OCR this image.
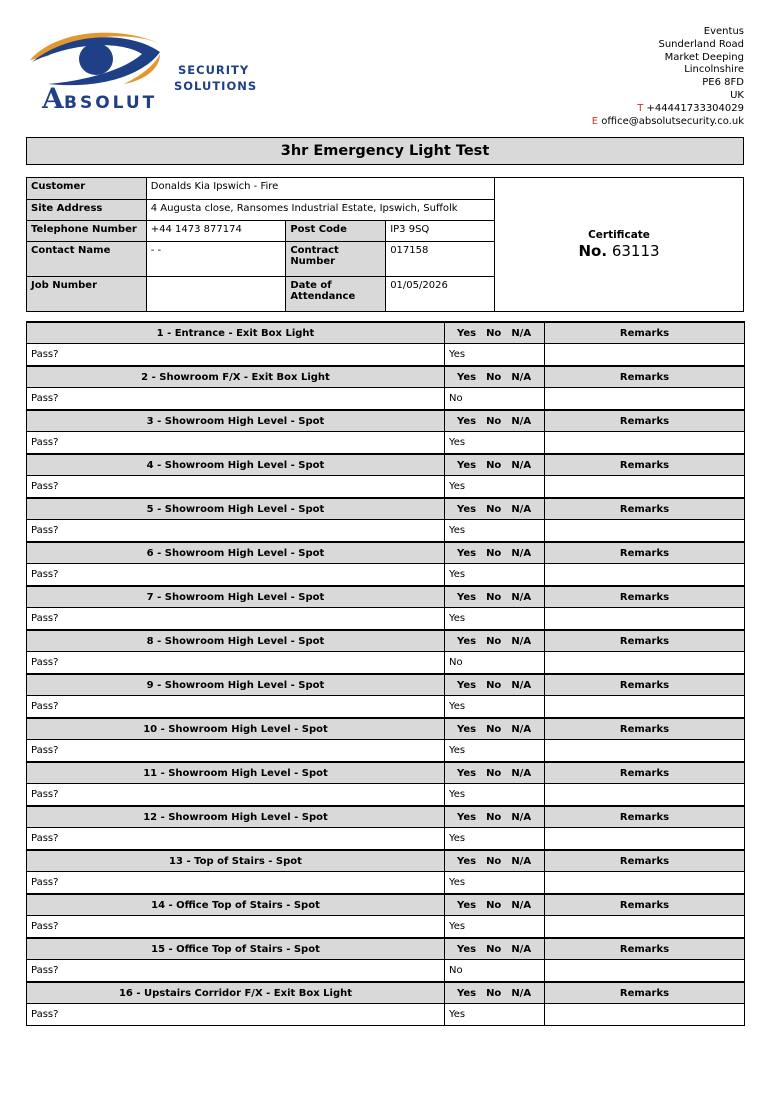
A BSOLUT
SECURITY
SOLUTIONS
Eventus
Sunderland Road
Market Deeping
Lincolnshire
PE6 8FD
UK
T +44441733304029
E office@absolutsecurity.co.uk
3hr Emergency Light Test
Customer	Donalds Kia Ipswich - Fire		
Site Address	4 Augusta close, Ransomes Industrial Estate, Ipswich, Suffolk		
Telephone Number	+44 1473 877174	Post Code	IP3 9SQ
Contact Name	- -	Contract Number	017158
Job Number		Date of Attendance	01/05/2026
Certificate
No. 63113
1 - Entrance - Exit Box Light	Yes No N/A	Remarks
Pass?	Yes	
2 - Showroom F/X - Exit Box Light	Yes No N/A	Remarks
Pass?	No	
3 - Showroom High Level - Spot	Yes No N/A	Remarks
Pass?	Yes	
4 - Showroom High Level - Spot	Yes No N/A	Remarks
Pass?	Yes	
5 - Showroom High Level - Spot	Yes No N/A	Remarks
Pass?	Yes	
6 - Showroom High Level - Spot	Yes No N/A	Remarks
Pass?	Yes	
7 - Showroom High Level - Spot	Yes No N/A	Remarks
Pass?	Yes	
8 - Showroom High Level - Spot	Yes No N/A	Remarks
Pass?	No	
9 - Showroom High Level - Spot	Yes No N/A	Remarks
Pass?	Yes	
10 - Showroom High Level - Spot	Yes No N/A	Remarks
Pass?	Yes	
11 - Showroom High Level - Spot	Yes No N/A	Remarks
Pass?	Yes	
12 - Showroom High Level - Spot	Yes No N/A	Remarks
Pass?	Yes	
13 - Top of Stairs - Spot	Yes No N/A	Remarks
Pass?	Yes	
14 - Office Top of Stairs - Spot	Yes No N/A	Remarks
Pass?	Yes	
15 - Office Top of Stairs - Spot	Yes No N/A	Remarks
Pass?	No	
16 - Upstairs Corridor F/X - Exit Box Light	Yes No N/A	Remarks
Pass?	Yes	
